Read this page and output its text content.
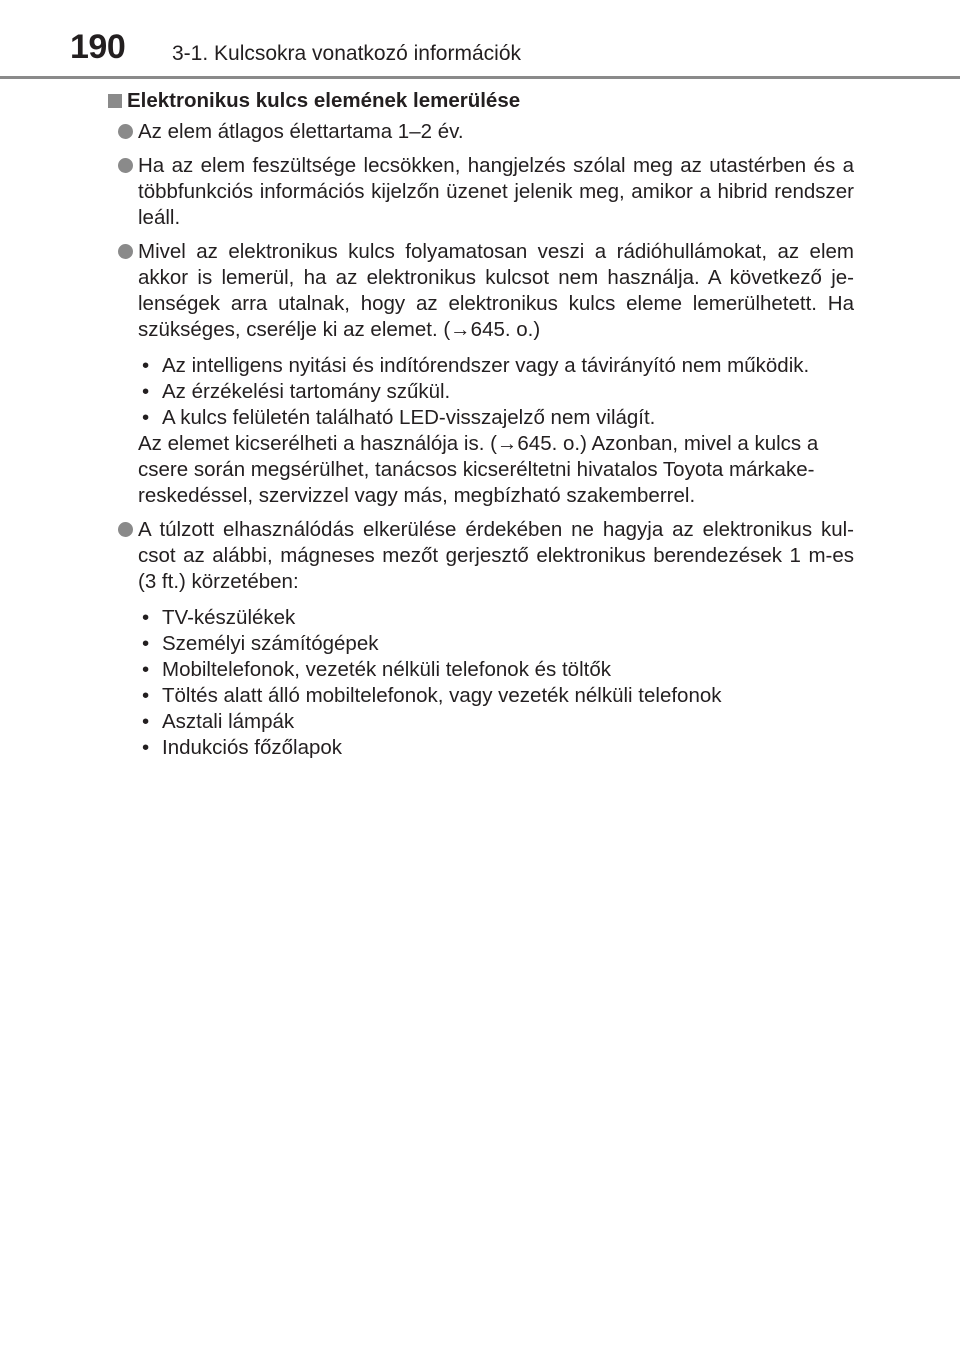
190 3-1. Kulcsokra vonatkozó információk
Elektronikus kulcs elemének lemerülése
Az elem átlagos élettartama 1–2 év.
Ha az elem feszültsége lecsökken, hangjelzés szólal meg az utastérben és a többfunkciós információs kijelzőn üzenet jelenik meg, amikor a hibrid rendszer leáll.
Mivel az elektronikus kulcs folyamatosan veszi a rádióhullámokat, az elem akkor is lemerül, ha az elektronikus kulcsot nem használja. A következő je-lenségek arra utalnak, hogy az elektronikus kulcs eleme lemerülhetett. Ha szükséges, cserélje ki az elemet. (→645. o.)
• Az intelligens nyitási és indítórendszer vagy a távirányító nem működik.
• Az érzékelési tartomány szűkül.
• A kulcs felületén található LED-visszajelző nem világít.

Az elemet kicserélheti a használója is. (→645. o.) Azonban, mivel a kulcs a csere során megsérülhet, tanácsos kicseréltetni hivatalos Toyota márkake-reskedéssel, szervizzel vagy más, megbízható szakemberrel.

A túlzott elhasználódás elkerülése érdekében ne hagyja az elektronikus kul-csot az alábbi, mágneses mezőt gerjesztő elektronikus berendezések 1 m-es (3 ft.) körzetében:
• TV-készülékek
• Személyi számítógépek
• Mobiltelefonok, vezeték nélküli telefonok és töltők
• Töltés alatt álló mobiltelefonok, vagy vezeték nélküli telefonok
• Asztali lámpák
• Indukciós főzőlapok
